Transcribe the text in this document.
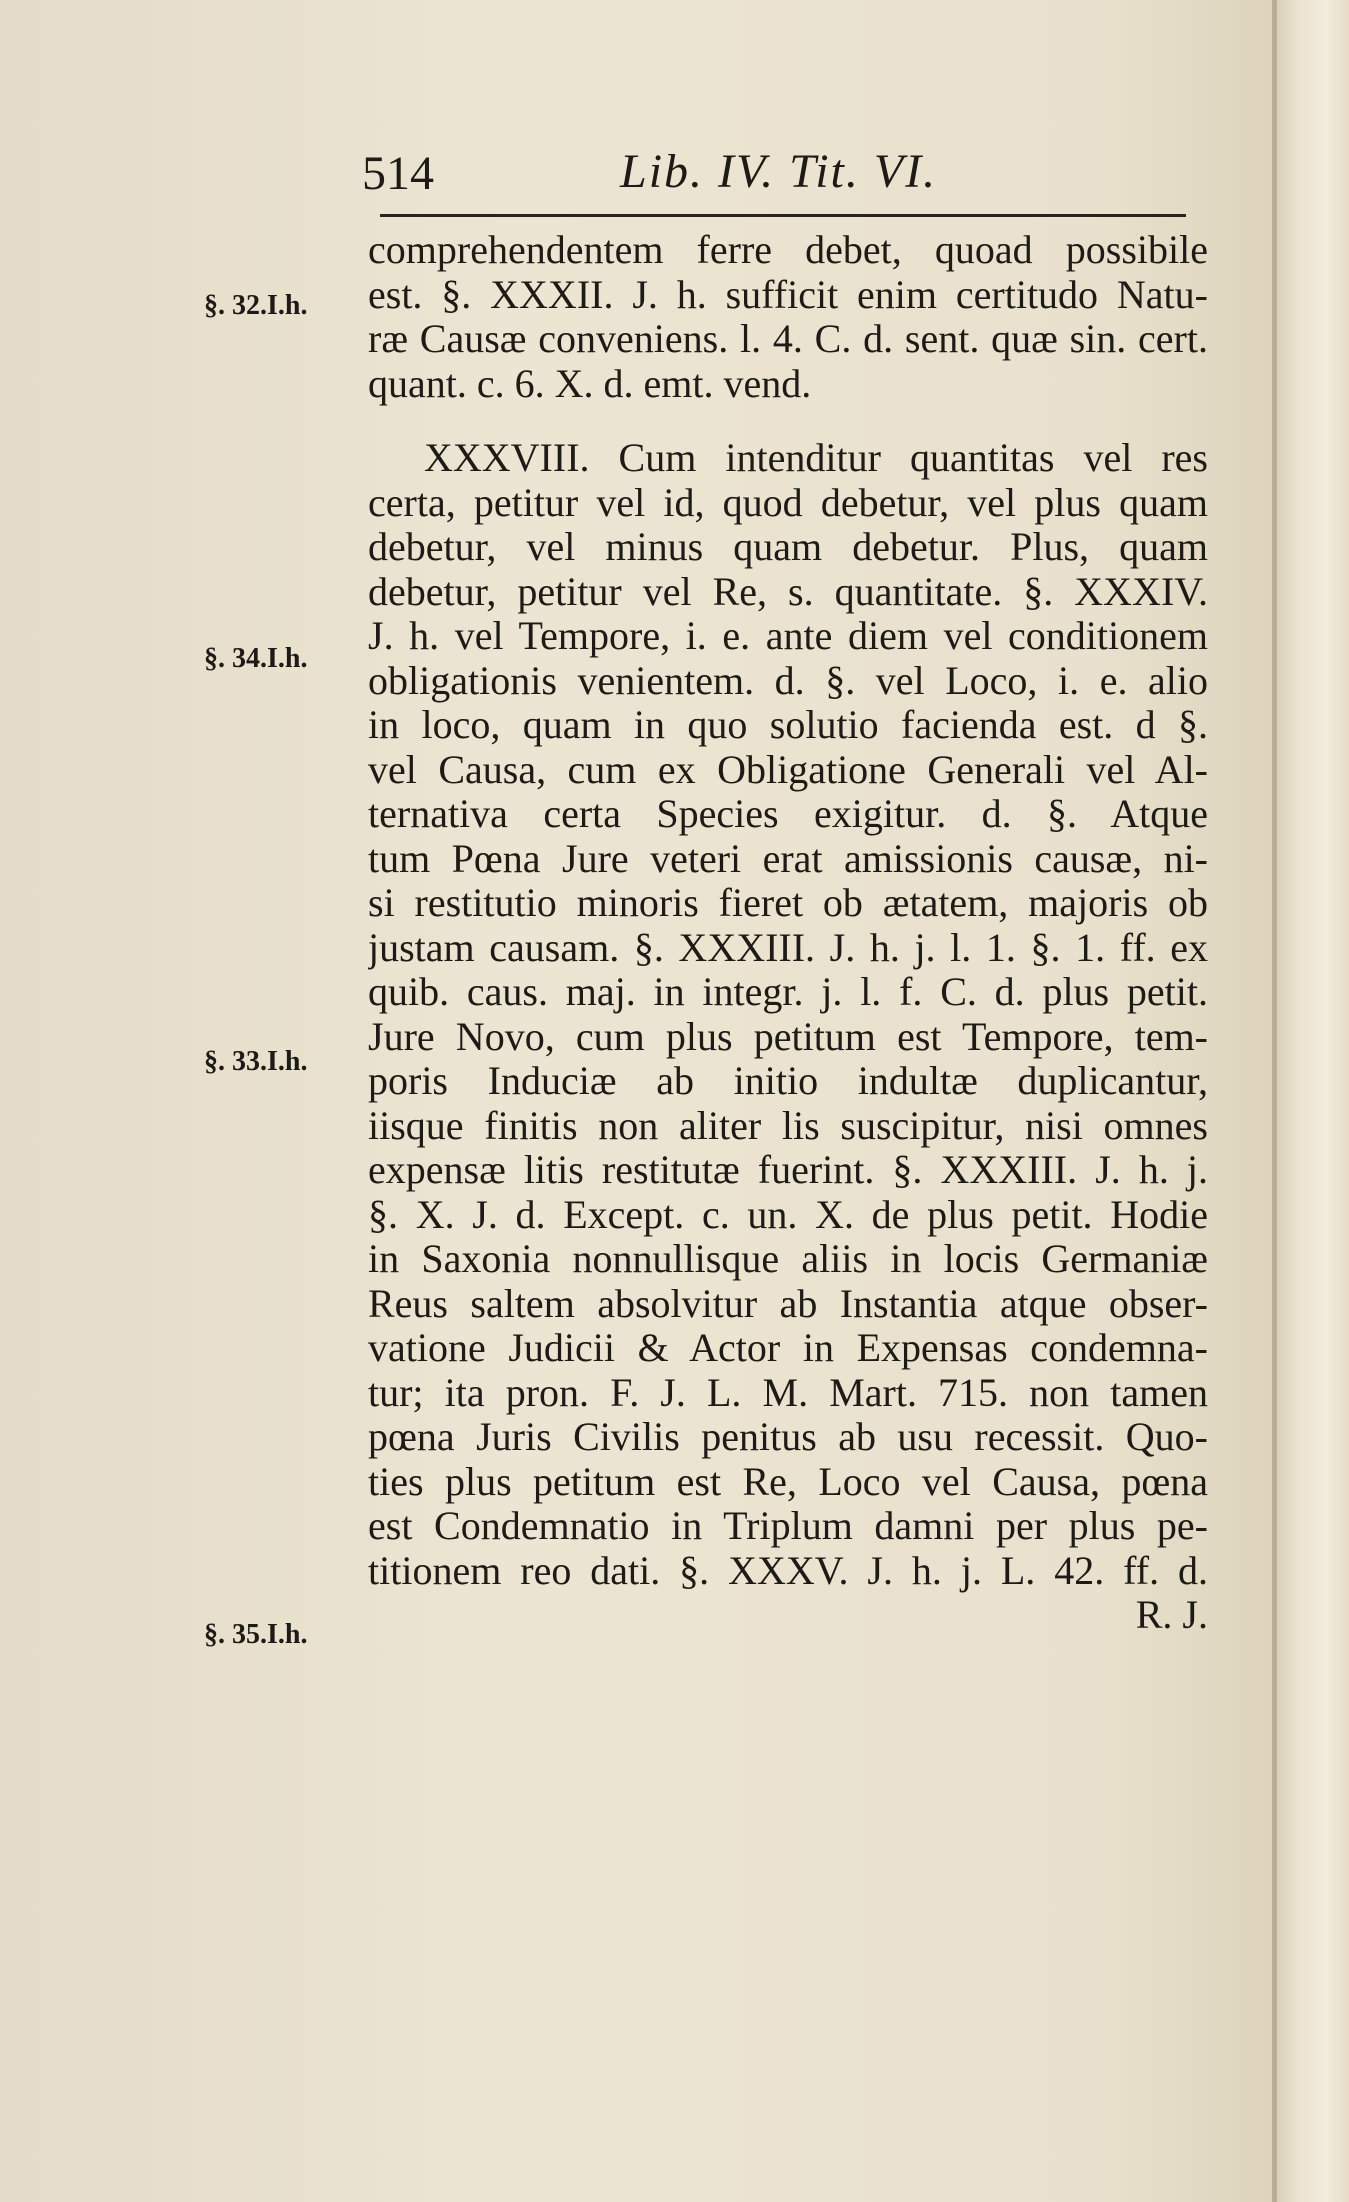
514	Lib. IV. Tit. VI.
§. 32.I.h.
§. 34.I.h.
§. 33.I.h.
§. 35.I.h.
comprehendentem ferre debet, quoad possibile
est. §. XXXII. J. h. sufficit enim certitudo Natu-
ræ Causæ conveniens. l. 4. C. d. sent. quæ sin. cert.
quant. c. 6. X. d. emt. vend.
XXXVIII. Cum intenditur quantitas vel res
certa, petitur vel id, quod debetur, vel plus quam
debetur, vel minus quam debetur. Plus, quam
debetur, petitur vel Re, s. quantitate. §. XXXIV.
J. h. vel Tempore, i. e. ante diem vel conditionem
obligationis venientem. d. §. vel Loco, i. e. alio
in loco, quam in quo solutio facienda est. d §.
vel Causa, cum ex Obligatione Generali vel Al-
ternativa certa Species exigitur. d. §. Atque
tum Pœna Jure veteri erat amissionis causæ, ni-
si restitutio minoris fieret ob ætatem, majoris ob
justam causam. §. XXXIII. J. h. j. l. 1. §. 1. ff. ex
quib. caus. maj. in integr. j. l. f. C. d. plus petit.
Jure Novo, cum plus petitum est Tempore, tem-
poris Induciæ ab initio indultæ duplicantur,
iisque finitis non aliter lis suscipitur, nisi omnes
expensæ litis restitutæ fuerint. §. XXXIII. J. h. j.
§. X. J. d. Except. c. un. X. de plus petit. Hodie
in Saxonia nonnullisque aliis in locis Germaniæ
Reus saltem absolvitur ab Instantia atque obser-
vatione Judicii & Actor in Expensas condemna-
tur; ita pron. F. J. L. M. Mart. 715. non tamen
pœna Juris Civilis penitus ab usu recessit. Quo-
ties plus petitum est Re, Loco vel Causa, pœna
est Condemnatio in Triplum damni per plus pe-
titionem reo dati. §. XXXV. J. h. j. L. 42. ff. d.
R. J.
